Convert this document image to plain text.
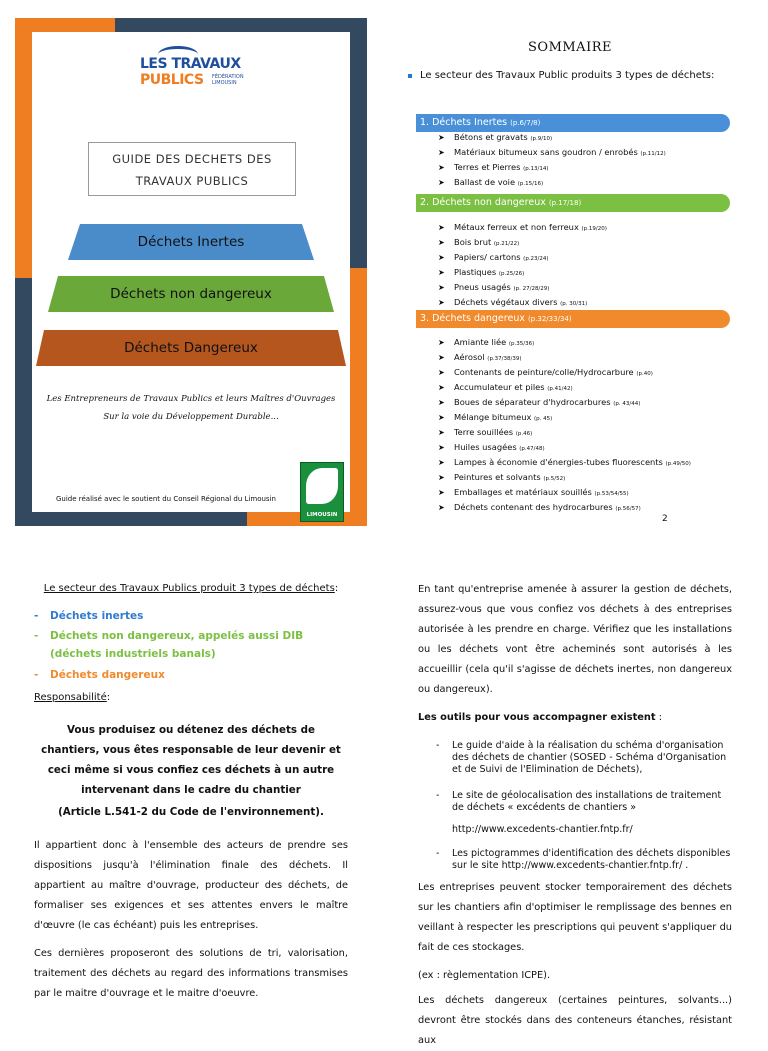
LES TRAVAUX
PUBLICS FÉDÉRATION LIMOUSIN
GUIDE DES DECHETS DES
TRAVAUX PUBLICS
Déchets Inertes
Déchets non dangereux
Déchets Dangereux
Les Entrepreneurs de Travaux Publics et leurs Maîtres d'Ouvrages
Sur la voie du Développement Durable...
Guide réalisé avec le soutient du Conseil Régional du Limousin
LIMOUSIN
SOMMAIRE
Le secteur des Travaux Public produits 3 types de déchets:
1. Déchets Inertes (p.6/7/8)
➤ Bétons et gravats (p.9/10)
➤ Matériaux bitumeux sans goudron / enrobés (p.11/12)
➤ Terres et Pierres (p.13/14)
➤ Ballast de voie (p.15/16)
2. Déchets non dangereux (p.17/18)
➤ Métaux ferreux et non ferreux (p.19/20)
➤ Bois brut (p.21/22)
➤ Papiers/ cartons (p.23/24)
➤ Plastiques (p.25/26)
➤ Pneus usagés (p. 27/28/29)
➤ Déchets végétaux divers (p. 30/31)
3. Déchets dangereux (p.32/33/34)
➤ Amiante liée (p.35/36)
➤ Aérosol (p.37/38/39)
➤ Contenants de peinture/colle/Hydrocarbure (p.40)
➤ Accumulateur et piles (p.41/42)
➤ Boues de séparateur d'hydrocarbures (p. 43/44)
➤ Mélange bitumeux (p. 45)
➤ Terre souillées (p.46)
➤ Huiles usagées (p.47/48)
➤ Lampes à économie d'énergies-tubes fluorescents (p.49/50)
➤ Peintures et solvants (p.5/52)
➤ Emballages et matériaux souillés (p.53/54/55)
➤ Déchets contenant des hydrocarbures (p.56/57)
2
Le secteur des Travaux Publics produit 3 types de déchets:
-	Déchets inertes
-	Déchets non dangereux, appelés aussi DIB (déchets industriels banals)
-	Déchets dangereux
Responsabilité:
Vous produisez ou détenez des déchets de chantiers, vous êtes responsable de leur devenir et ceci même si vous confiez ces déchets à un autre intervenant dans le cadre du chantier
(Article L.541-2 du Code de l'environnement).
Il appartient donc à l'ensemble des acteurs de prendre ses dispositions jusqu'à l'élimination finale des déchets. Il appartient au maître d'ouvrage, producteur des déchets, de formaliser ses exigences et ses attentes envers le maître d'œuvre (le cas échéant) puis les entreprises.
Ces dernières proposeront des solutions de tri, valorisation, traitement des déchets au regard des informations transmises par le maitre d'ouvrage et le maitre d'oeuvre.
En tant qu'entreprise amenée à assurer la gestion de déchets, assurez-vous que vous confiez vos déchets à des entreprises autorisée à les prendre en charge. Vérifiez que les installations ou les déchets vont être acheminés sont autorisés à les accueillir (cela qu'il s'agisse de déchets inertes, non dangereux ou dangereux).
Les outils pour vous accompagner existent :
- Le guide d'aide à la réalisation du schéma d'organisation des déchets de chantier (SOSED - Schéma d'Organisation et de Suivi de l'Elimination de Déchets),
- Le site de géolocalisation des installations de traitement de déchets « excédents de chantiers »
http://www.excedents-chantier.fntp.fr/
- Les pictogrammes d'identification des déchets disponibles sur le site http://www.excedents-chantier.fntp.fr/ .
Les entreprises peuvent stocker temporairement des déchets sur les chantiers afin d'optimiser le remplissage des bennes en veillant à respecter les prescriptions qui peuvent s'appliquer du fait de ces stockages.
(ex : règlementation ICPE).
Les déchets dangereux (certaines peintures, solvants...) devront être stockés dans des conteneurs étanches, résistant aux
